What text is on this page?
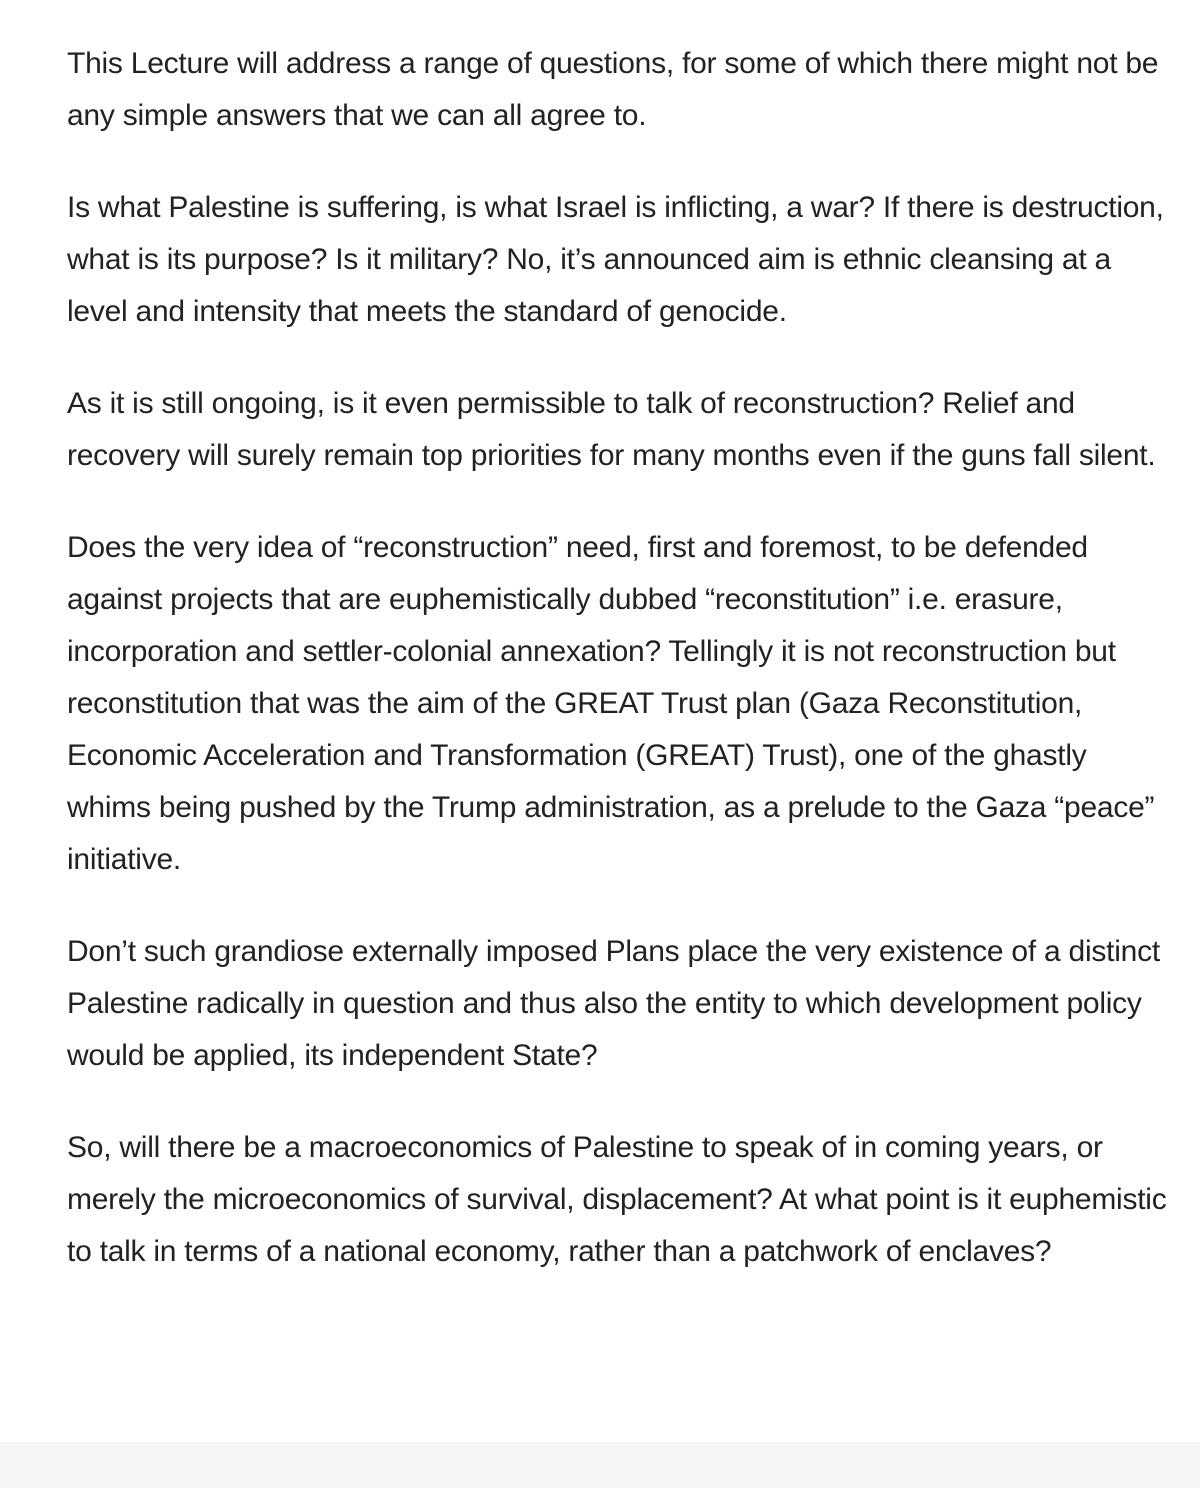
This Lecture will address a range of questions, for some of which there might not be any simple answers that we can all agree to.

Is what Palestine is suffering, is what Israel is inflicting, a war? If there is destruction, what is its purpose? Is it military? No, it’s announced aim is ethnic cleansing at a level and intensity that meets the standard of genocide.

As it is still ongoing, is it even permissible to talk of reconstruction? Relief and recovery will surely remain top priorities for many months even if the guns fall silent.

Does the very idea of “reconstruction” need, first and foremost, to be defended against projects that are euphemistically dubbed “reconstitution” i.e. erasure, incorporation and settler-colonial annexation? Tellingly it is not reconstruction but reconstitution that was the aim of the GREAT Trust plan (Gaza Reconstitution, Economic Acceleration and Transformation (GREAT) Trust), one of the ghastly whims being pushed by the Trump administration, as a prelude to the Gaza “peace” initiative.

Don’t such grandiose externally imposed Plans place the very existence of a distinct Palestine radically in question and thus also the entity to which development policy would be applied, its independent State?

So, will there be a macroeconomics of Palestine to speak of in coming years, or merely the microeconomics of survival, displacement? At what point is it euphemistic to talk in terms of a national economy, rather than a patchwork of enclaves?
